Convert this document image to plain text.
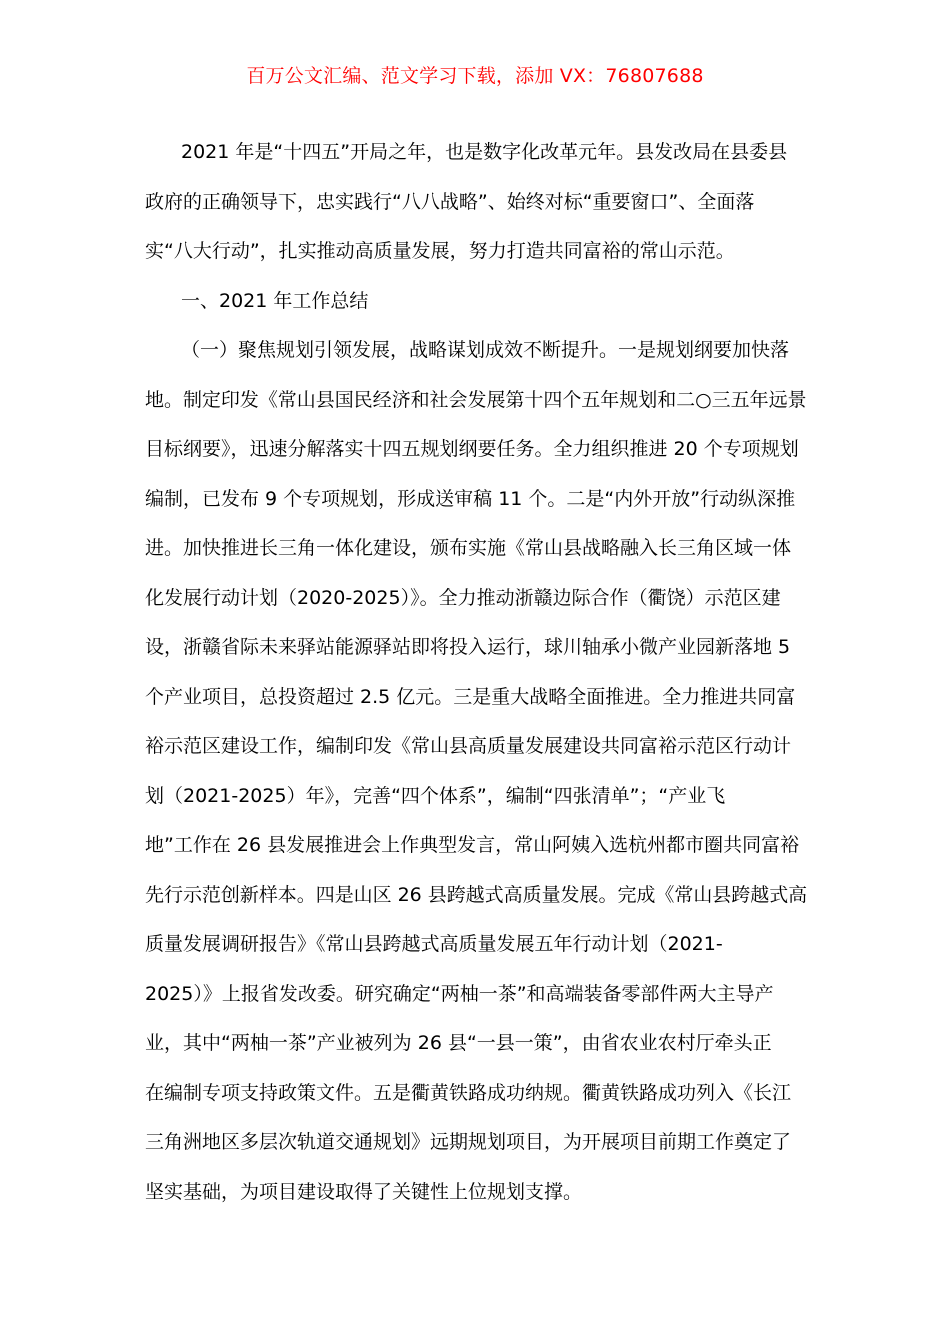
百万公文汇编、范文学习下载，添加 VX：76807688
2021 年是“十四五”开局之年，也是数字化改革元年。县发改局在县委县
政府的正确领导下，忠实践行“八八战略”、始终对标“重要窗口”、全面落
实“八大行动”，扎实推动高质量发展，努力打造共同富裕的常山示范。
一、2021 年工作总结
（一）聚焦规划引领发展，战略谋划成效不断提升。一是规划纲要加快落
地。制定印发《常山县国民经济和社会发展第十四个五年规划和二○三五年远景
目标纲要》，迅速分解落实十四五规划纲要任务。全力组织推进 20 个专项规划
编制，已发布 9 个专项规划，形成送审稿 11 个。二是“内外开放”行动纵深推
进。加快推进长三角一体化建设，颁布实施《常山县战略融入长三角区域一体
化发展行动计划（2020-2025）》。全力推动浙赣边际合作（衢饶）示范区建
设，浙赣省际未来驿站能源驿站即将投入运行，球川轴承小微产业园新落地 5
个产业项目，总投资超过 2.5 亿元。三是重大战略全面推进。全力推进共同富
裕示范区建设工作，编制印发《常山县高质量发展建设共同富裕示范区行动计
划（2021-2025）年》，完善“四个体系”，编制“四张清单”；“产业飞
地”工作在 26 县发展推进会上作典型发言，常山阿姨入选杭州都市圈共同富裕
先行示范创新样本。四是山区 26 县跨越式高质量发展。完成《常山县跨越式高
质量发展调研报告》《常山县跨越式高质量发展五年行动计划（2021-
2025）》上报省发改委。研究确定“两柚一茶”和高端装备零部件两大主导产
业，其中“两柚一茶”产业被列为 26 县“一县一策”，由省农业农村厅牵头正
在编制专项支持政策文件。五是衢黄铁路成功纳规。衢黄铁路成功列入《长江
三角洲地区多层次轨道交通规划》远期规划项目，为开展项目前期工作奠定了
坚实基础，为项目建设取得了关键性上位规划支撑。
